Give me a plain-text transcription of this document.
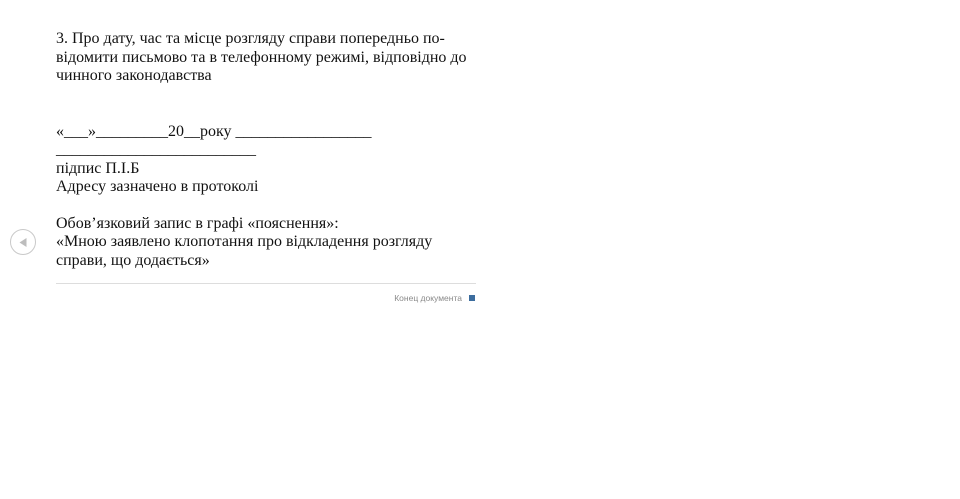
3. Про дату, час та місце розгляду справи попередньо по-
відомити письмово та в телефонному режимі, відповідно до
чинного законодавства
«___»_________20__року _________________
_________________________
підпис П.І.Б
Адресу зазначено в протоколі
Обов’язковий запис в графі «пояснення»:
«Мною заявлено клопотання про відкладення розгляду
справи, що додається»
Конец документа
